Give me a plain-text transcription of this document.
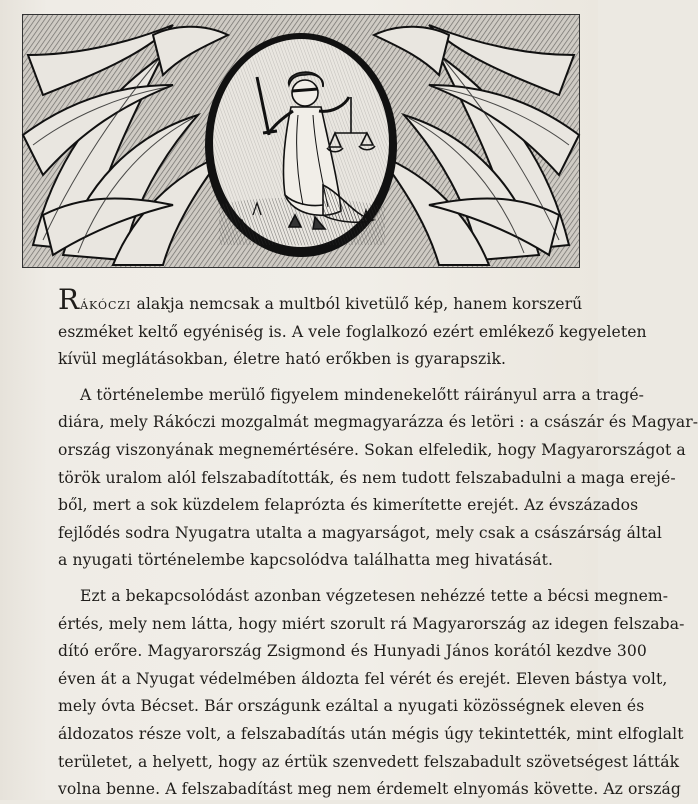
Rákóczi alakja nemcsak a multból kivetülő kép, hanem korszerű
eszméket keltő egyéniség is. A vele foglalkozó ezért emlékező kegyeleten
kívül meglátásokban, életre ható erőkben is gyarapszik.
A történelembe merülő figyelem mindenekelőtt ráirányul arra a tragé-
diára, mely Rákóczi mozgalmát megmagyarázza és letöri : a császár és Magyar-
ország viszonyának megnemértésére. Sokan elfeledik, hogy Magyarországot a
török uralom alól felszabadították, és nem tudott felszabadulni a maga erejé-
ből, mert a sok küzdelem felaprózta és kimerítette erejét. Az évszázados
fejlődés sodra Nyugatra utalta a magyarságot, mely csak a császárság által
a nyugati történelembe kapcsolódva találhatta meg hivatását.
Ezt a bekapcsolódást azonban végzetesen nehézzé tette a bécsi megnem-
értés, mely nem látta, hogy miért szorult rá Magyarország az idegen felszaba-
dító erőre. Magyarország Zsigmond és Hunyadi János korától kezdve 300
éven át a Nyugat védelmében áldozta fel vérét és erejét. Eleven bástya volt,
mely óvta Bécset. Bár országunk ezáltal a nyugati közösségnek eleven és
áldozatos része volt, a felszabadítás után mégis úgy tekintették, mint elfoglalt
területet, a helyett, hogy az értük szenvedett felszabadult szövetségest látták
volna benne. A felszabadítást meg nem érdemelt elnyomás követte. Az ország
